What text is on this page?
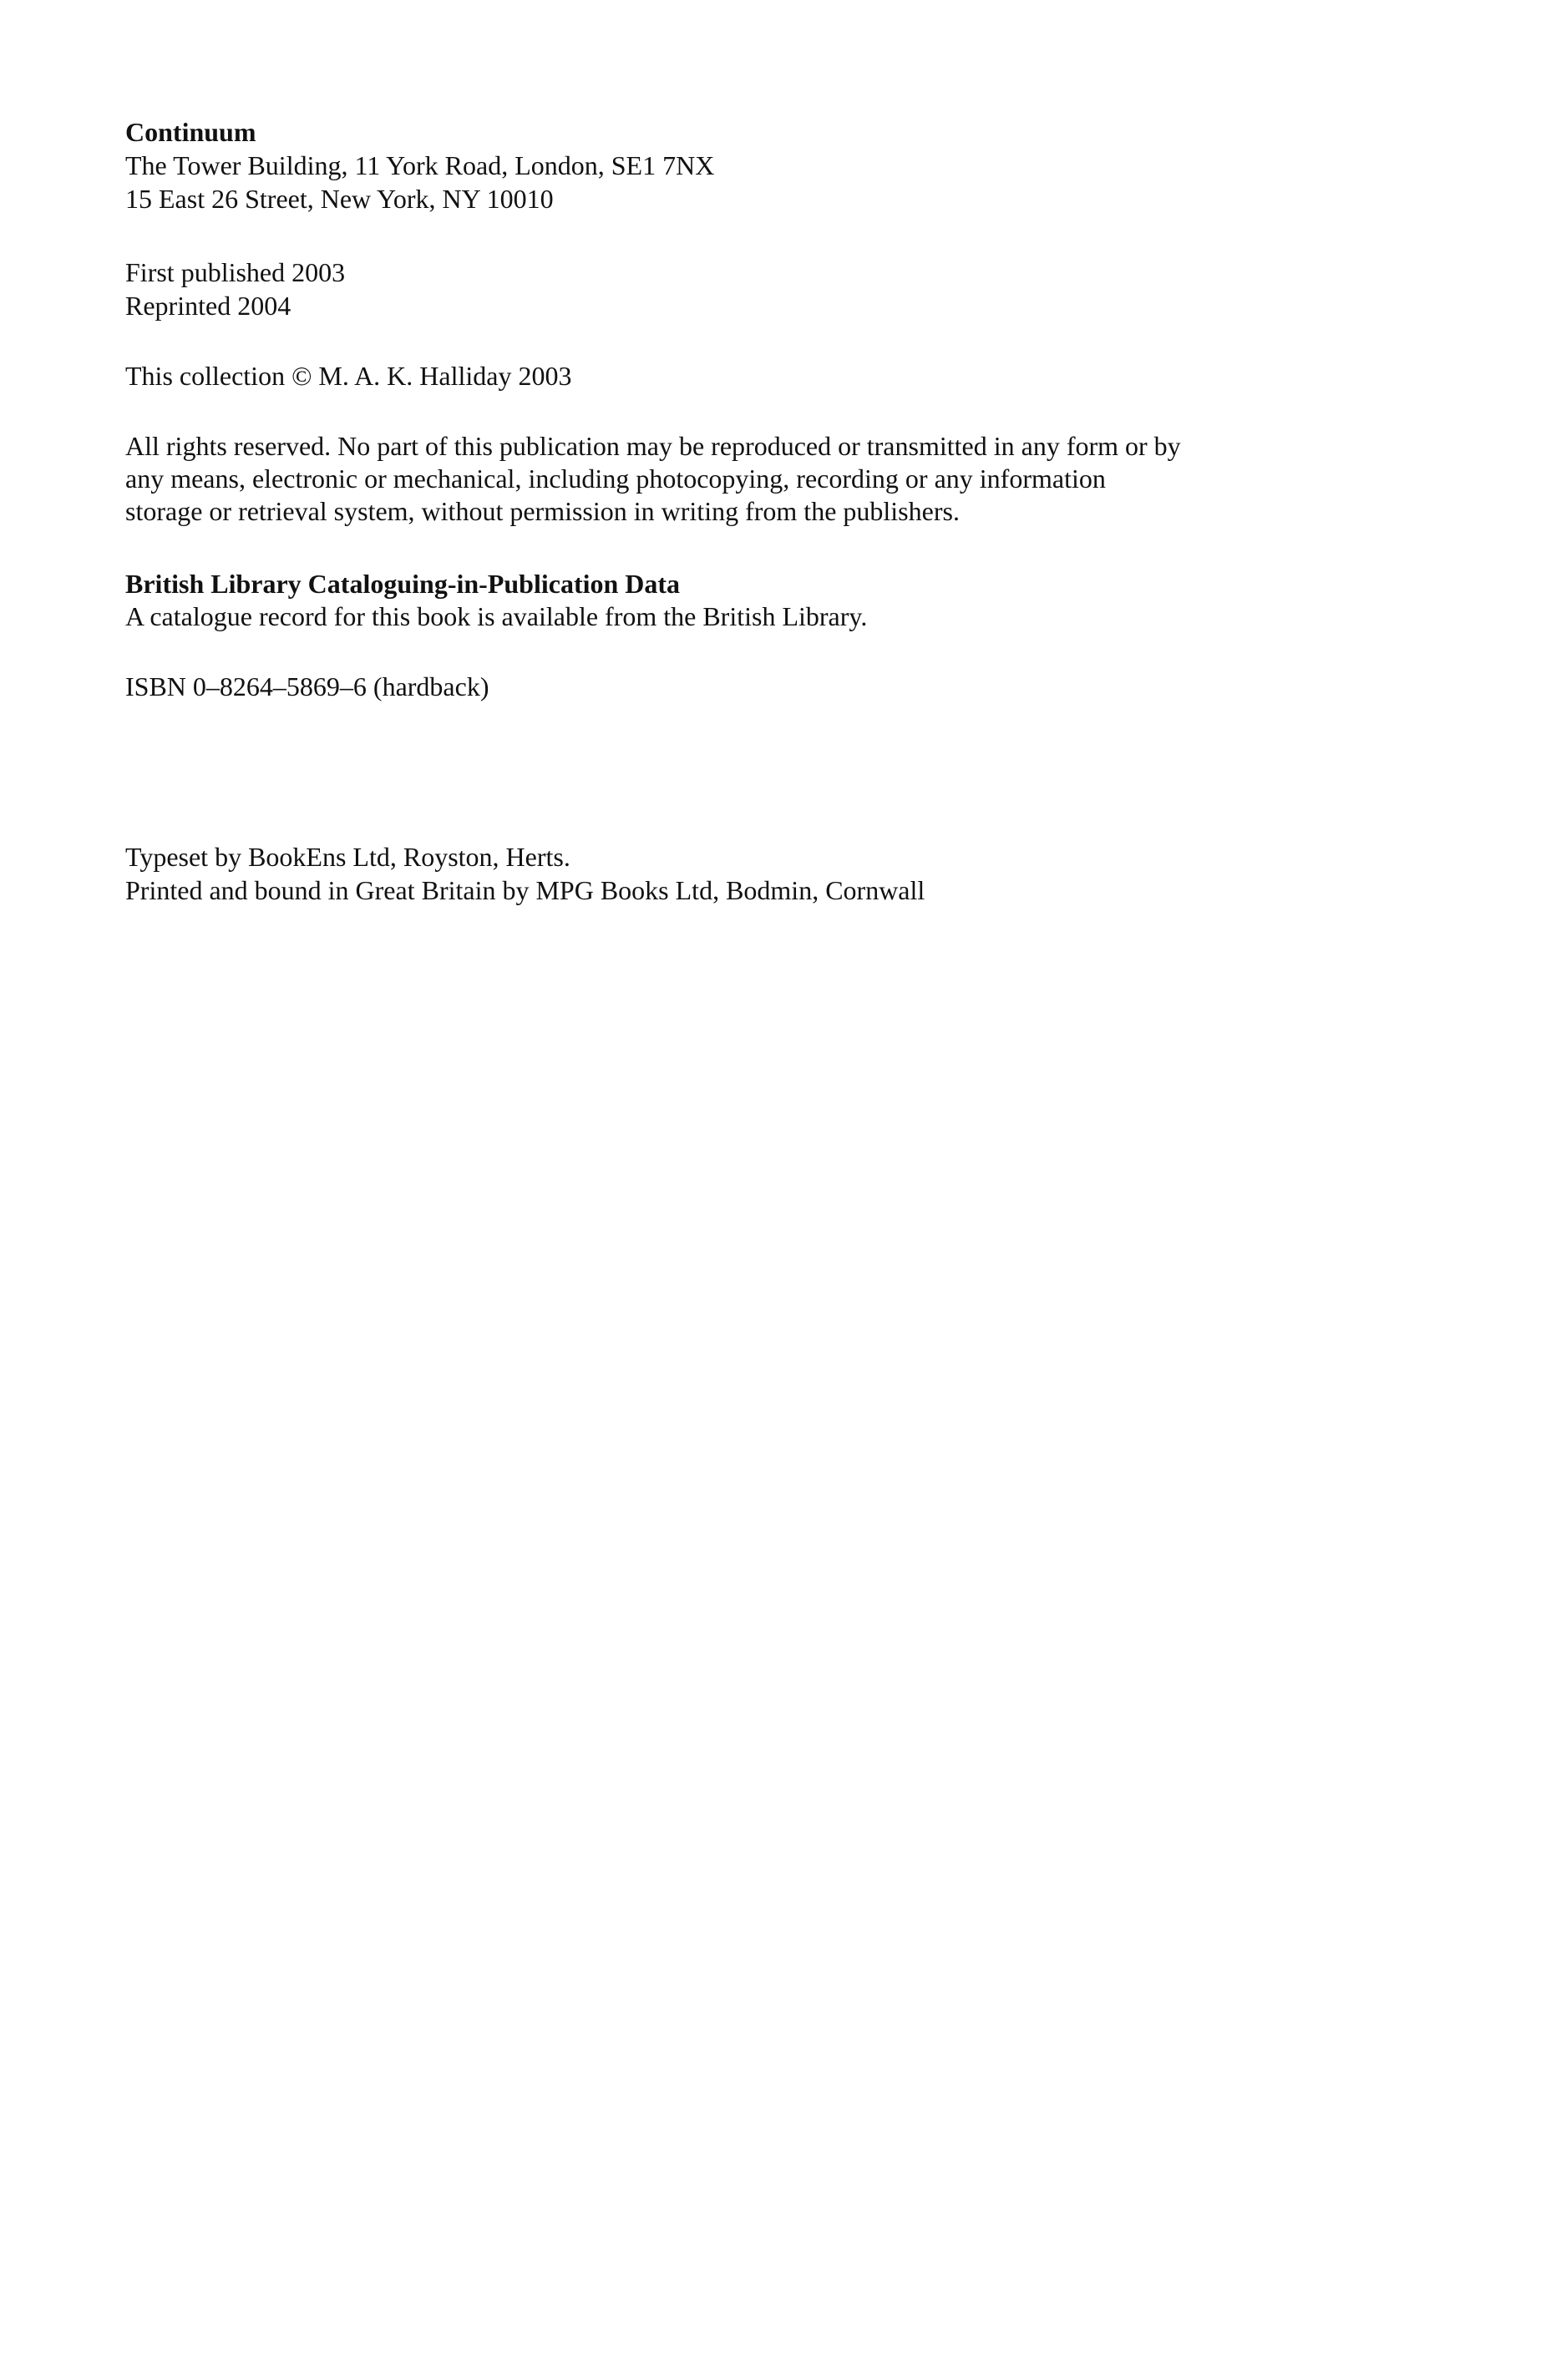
Continuum
The Tower Building, 11 York Road, London, SE1 7NX
15 East 26 Street, New York, NY 10010
First published 2003
Reprinted 2004
This collection © M. A. K. Halliday 2003
All rights reserved. No part of this publication may be reproduced or transmitted in any form or by
any means, electronic or mechanical, including photocopying, recording or any information
storage or retrieval system, without permission in writing from the publishers.
British Library Cataloguing-in-Publication Data
A catalogue record for this book is available from the British Library.
ISBN 0–8264–5869–6 (hardback)
Typeset by BookEns Ltd, Royston, Herts.
Printed and bound in Great Britain by MPG Books Ltd, Bodmin, Cornwall
